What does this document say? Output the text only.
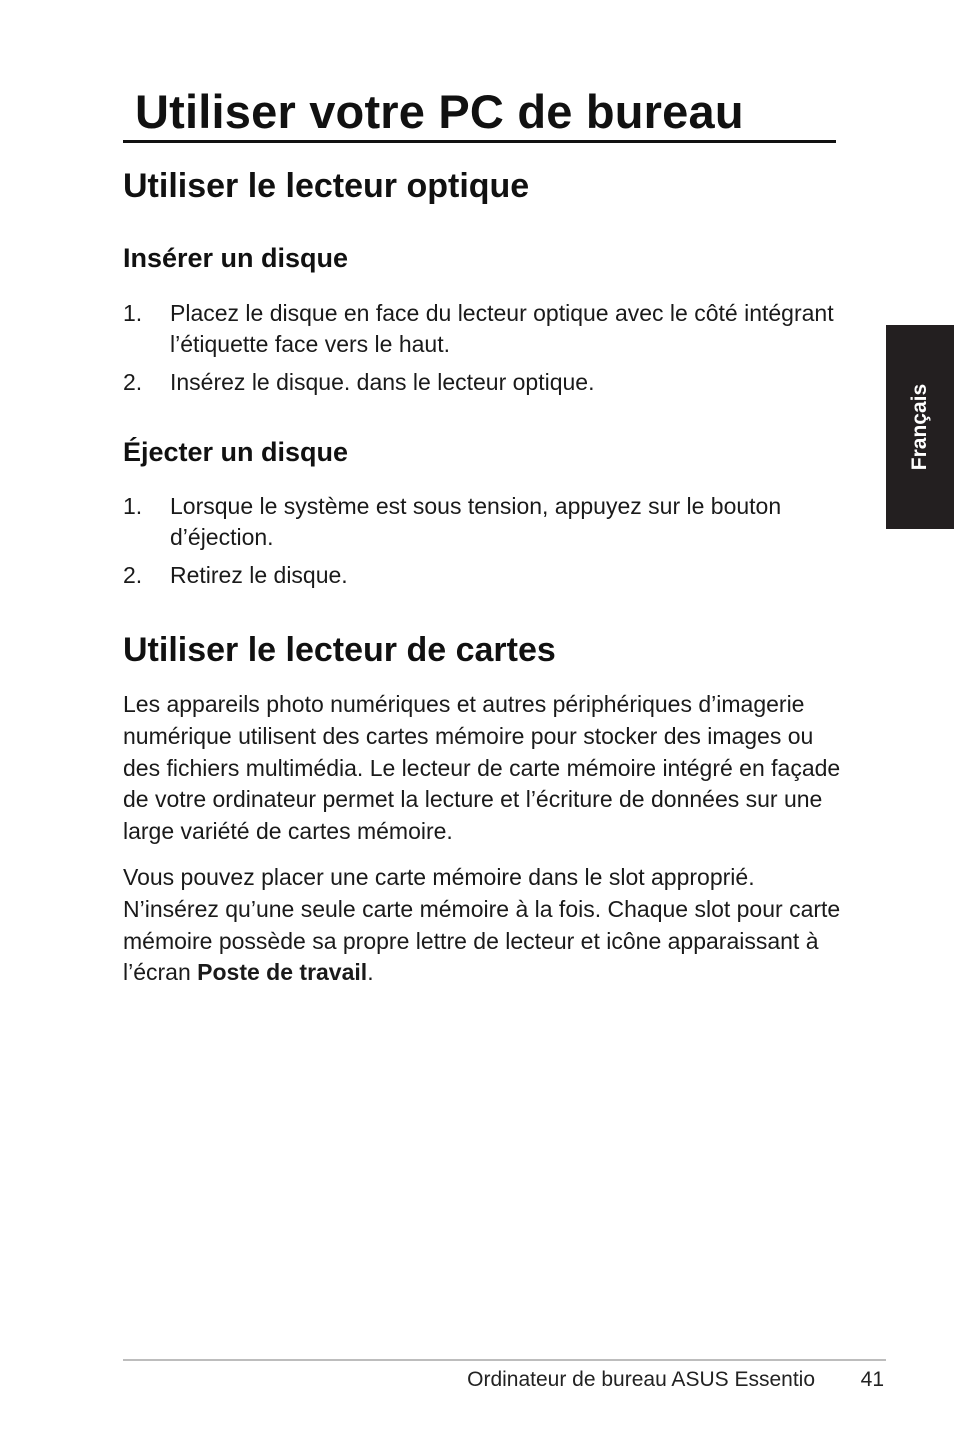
Utiliser votre PC de bureau
Utiliser le lecteur optique
Insérer un disque
1. Placez le disque en face du lecteur optique avec le côté intégrant l’étiquette face vers le haut.
2. Insérez le disque. dans le lecteur optique.
Éjecter un disque
1. Lorsque le système est sous tension, appuyez sur le bouton d’éjection.
2. Retirez le disque.
Utiliser le lecteur de cartes

Les appareils photo numériques et autres périphériques d’imagerie numérique utilisent des cartes mémoire pour stocker des images ou des fichiers multimédia. Le lecteur de carte mémoire intégré en façade de votre ordinateur permet la lecture et l’écriture de données sur une large variété de cartes mémoire.

Vous pouvez placer une carte mémoire dans le slot approprié. N’insérez qu’une seule carte mémoire à la fois. Chaque slot pour carte mémoire possède sa propre lettre de lecteur et icône apparaissant à l’écran Poste de travail.

Français
Ordinateur de bureau ASUS Essentio 41
